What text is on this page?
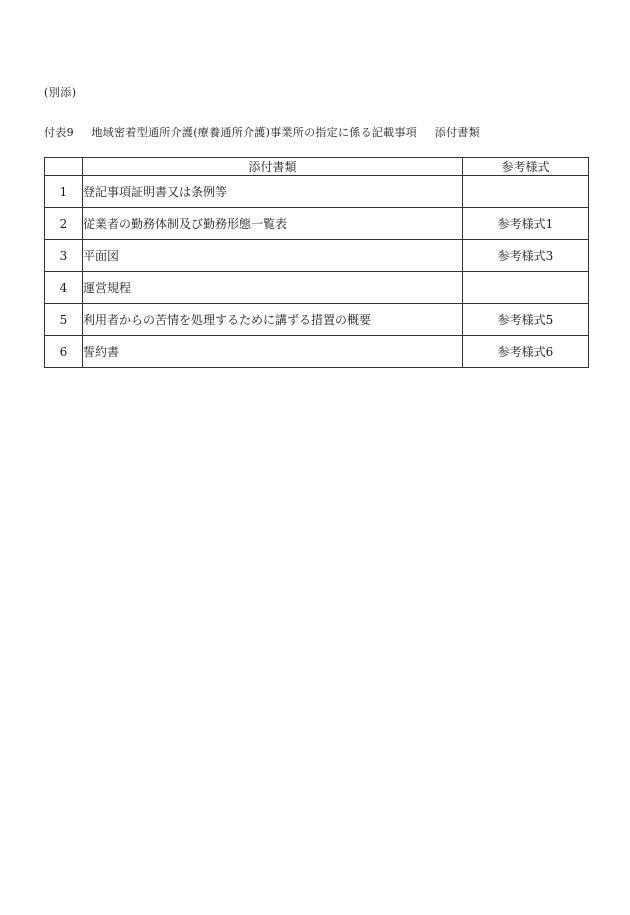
(別添)
付表9 地域密着型通所介護(療養通所介護)事業所の指定に係る記載事項 添付書類
	添付書類	参考様式
1	登記事項証明書又は条例等	
2	従業者の勤務体制及び勤務形態一覧表	参考様式1
3	平面図	参考様式3
4	運営規程	
5	利用者からの苦情を処理するために講ずる措置の概要	参考様式5
6	誓約書	参考様式6
